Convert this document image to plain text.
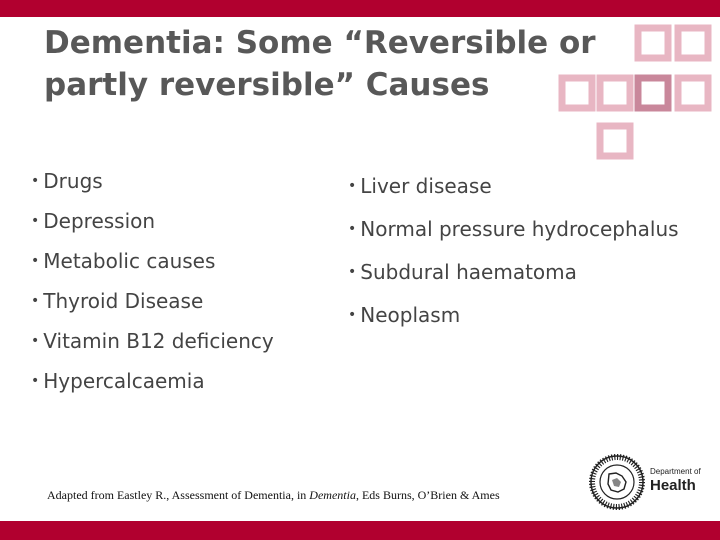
Dementia: Some “Reversible or
partly reversible” Causes
• Drugs
• Depression
• Metabolic causes
• Thyroid Disease
• Vitamin B12 deficiency
• Hypercalcaemia
• Liver disease
• Normal pressure hydrocephalus
• Subdural haematoma
• Neoplasm
Adapted from Eastley R., Assessment of Dementia, in Dementia, Eds Burns, O’Brien & Ames
Department of
Health
